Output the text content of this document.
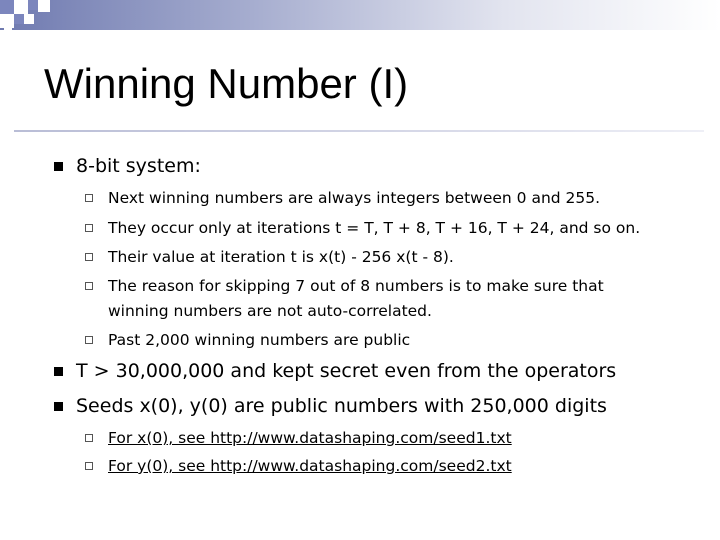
Winning Number (I)
8-bit system:
Next winning numbers are always integers between 0 and 255.
They occur only at iterations t = T, T + 8, T + 16, T + 24, and so on.
Their value at iteration t is x(t) - 256 x(t - 8).
The reason for skipping 7 out of 8 numbers is to make sure that winning numbers are not auto-correlated.
Past 2,000 winning numbers are public
T > 30,000,000 and kept secret even from the operators
Seeds x(0), y(0) are public numbers with 250,000 digits
For x(0), see http://www.datashaping.com/seed1.txt
For y(0), see http://www.datashaping.com/seed2.txt
